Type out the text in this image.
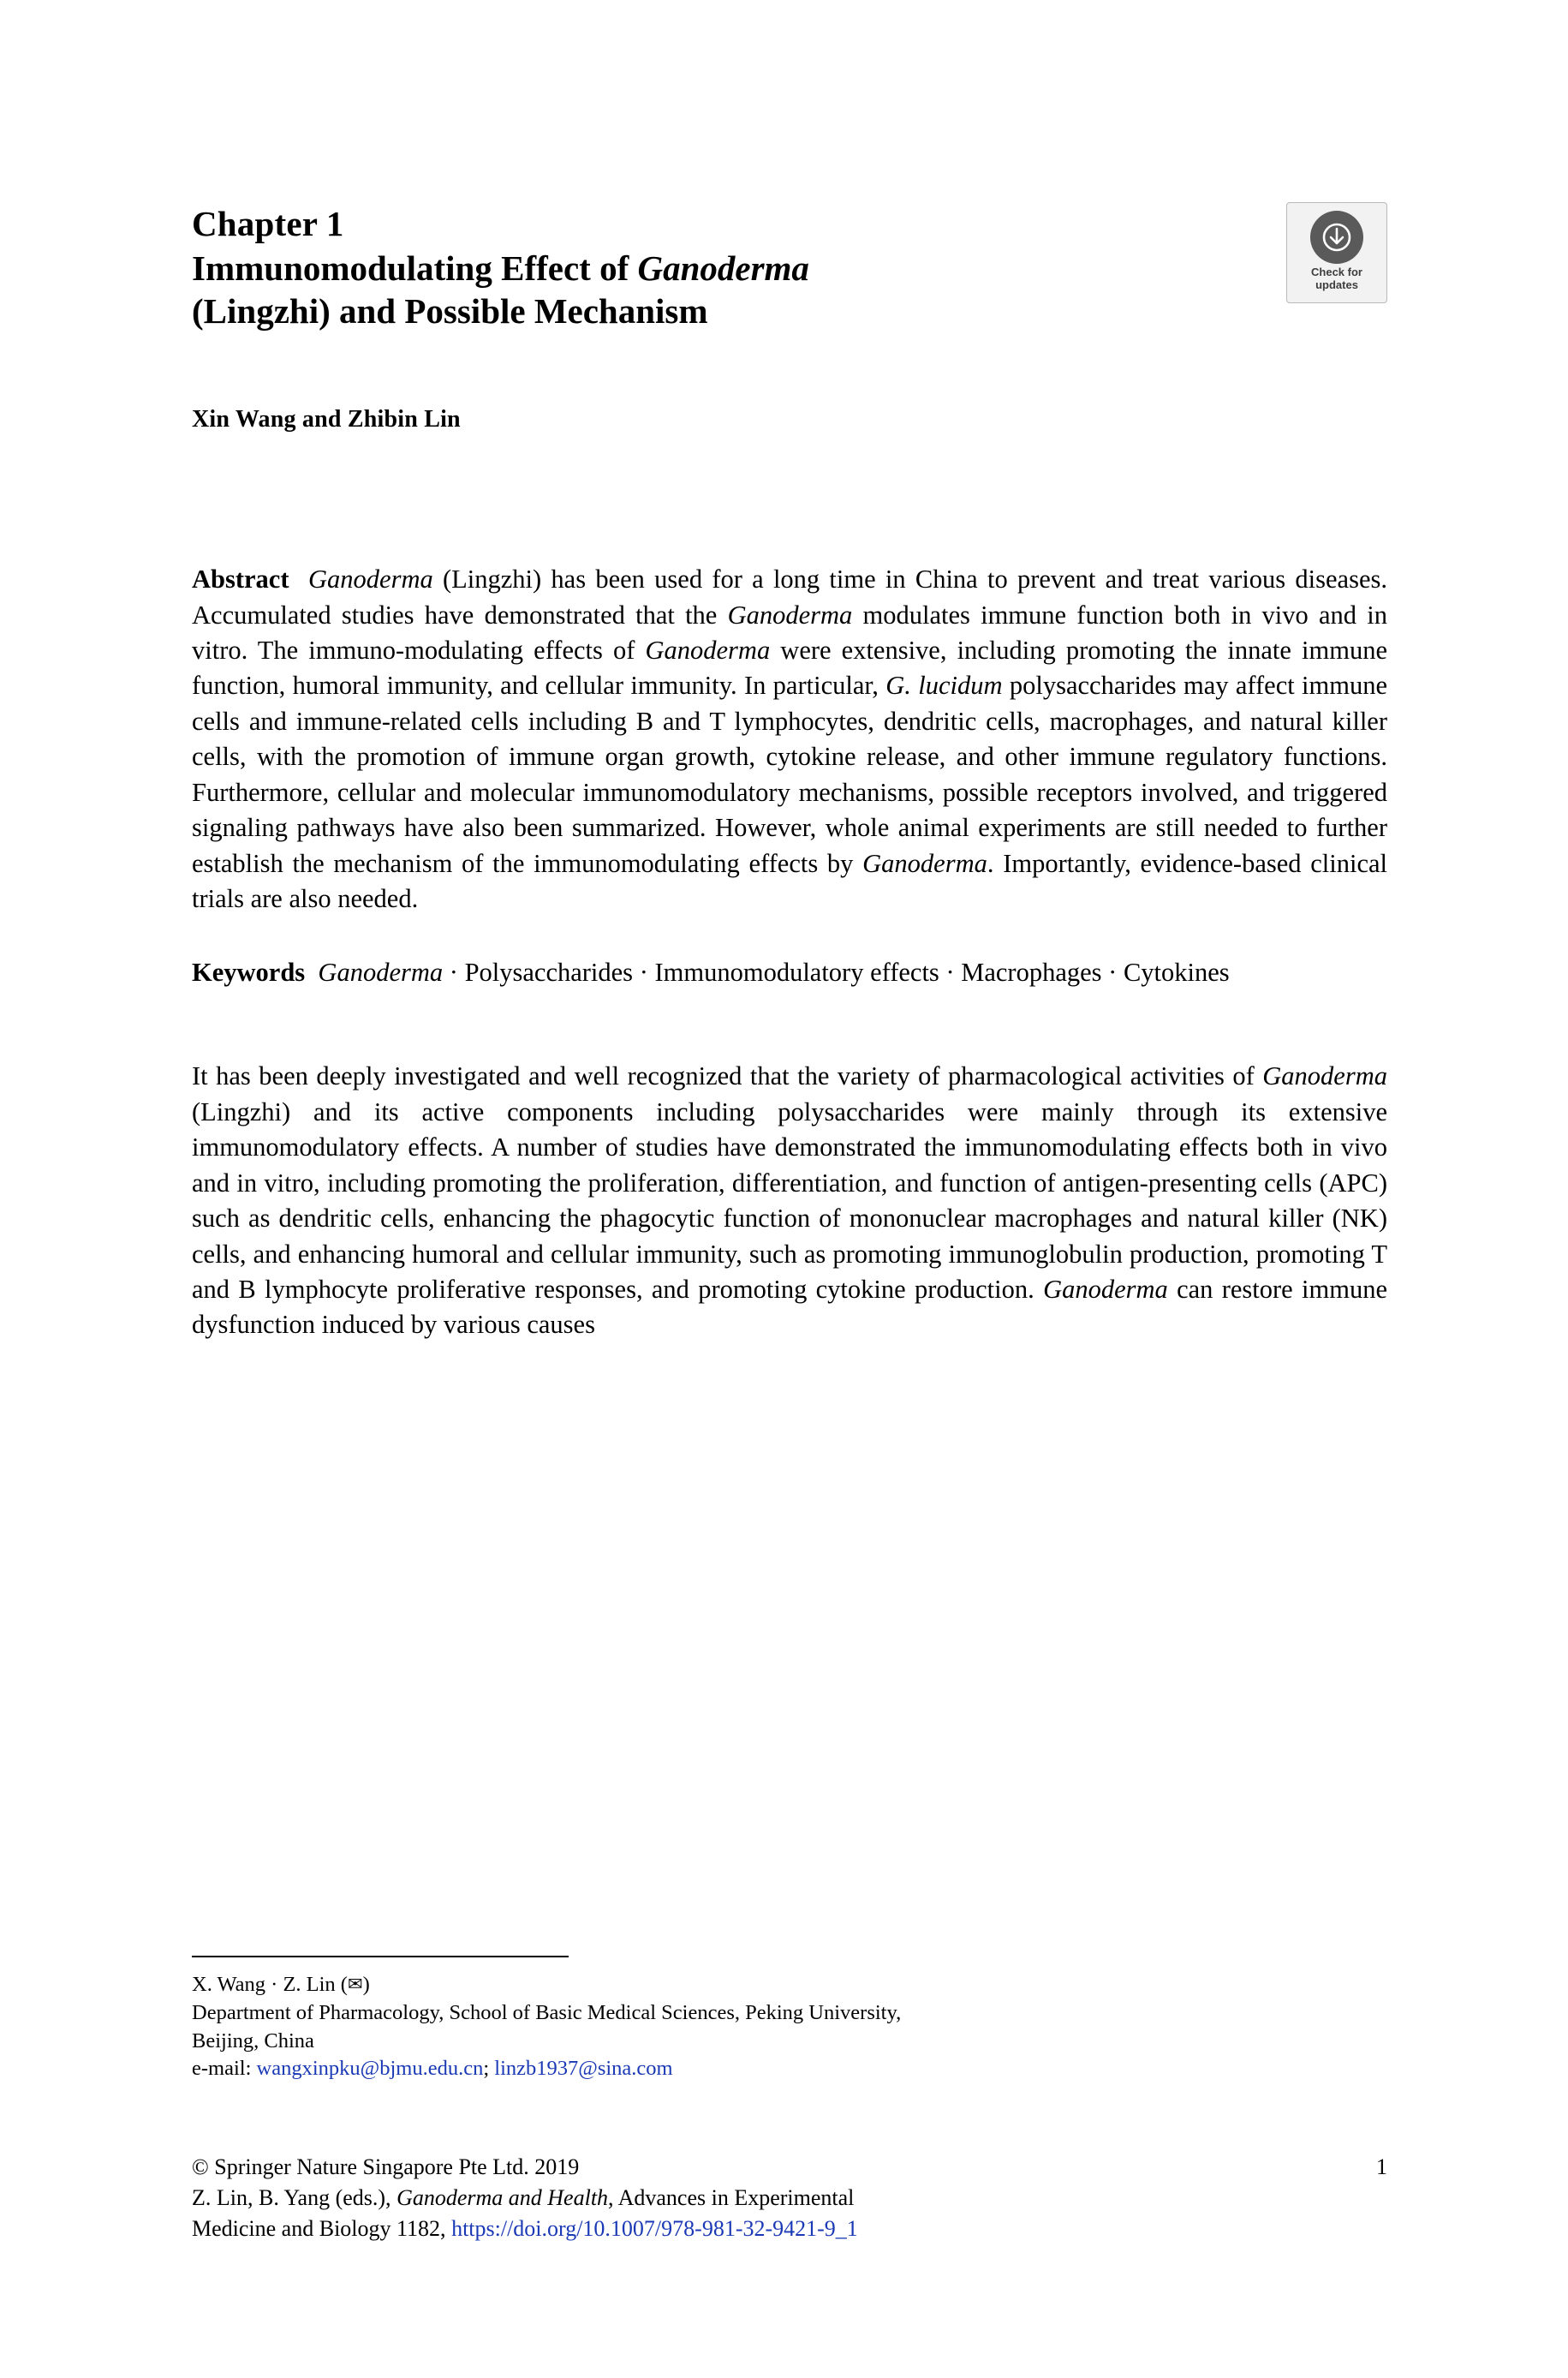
Check for
updates
Chapter 1
Immunomodulating Effect of Ganoderma
(Lingzhi) and Possible Mechanism
Xin Wang and Zhibin Lin
Abstract Ganoderma (Lingzhi) has been used for a long time in China to prevent and treat various diseases. Accumulated studies have demonstrated that the Ganoderma modulates immune function both in vivo and in vitro. The immuno-modulating effects of Ganoderma were extensive, including promoting the innate immune function, humoral immunity, and cellular immunity. In particular, G. lucidum polysaccharides may affect immune cells and immune-related cells including B and T lymphocytes, dendritic cells, macrophages, and natural killer cells, with the promotion of immune organ growth, cytokine release, and other immune regulatory functions. Furthermore, cellular and molecular immunomodulatory mechanisms, possible receptors involved, and triggered signaling pathways have also been summarized. However, whole animal experiments are still needed to further establish the mechanism of the immunomodulating effects by Ganoderma. Importantly, evidence-based clinical trials are also needed.
Keywords Ganoderma · Polysaccharides · Immunomodulatory effects · Macrophages · Cytokines
It has been deeply investigated and well recognized that the variety of pharmacological activities of Ganoderma (Lingzhi) and its active components including polysaccharides were mainly through its extensive immunomodulatory effects. A number of studies have demonstrated the immunomodulating effects both in vivo and in vitro, including promoting the proliferation, differentiation, and function of antigen-presenting cells (APC) such as dendritic cells, enhancing the phagocytic function of mononuclear macrophages and natural killer (NK) cells, and enhancing humoral and cellular immunity, such as promoting immunoglobulin production, promoting T and B lymphocyte proliferative responses, and promoting cytokine production. Ganoderma can restore immune dysfunction induced by various causes
X. Wang · Z. Lin (✉)
Department of Pharmacology, School of Basic Medical Sciences, Peking University,
Beijing, China
e-mail: wangxinpku@bjmu.edu.cn; linzb1937@sina.com
© Springer Nature Singapore Pte Ltd. 2019	1
Z. Lin, B. Yang (eds.), Ganoderma and Health, Advances in Experimental
Medicine and Biology 1182, https://doi.org/10.1007/978-981-32-9421-9_1
